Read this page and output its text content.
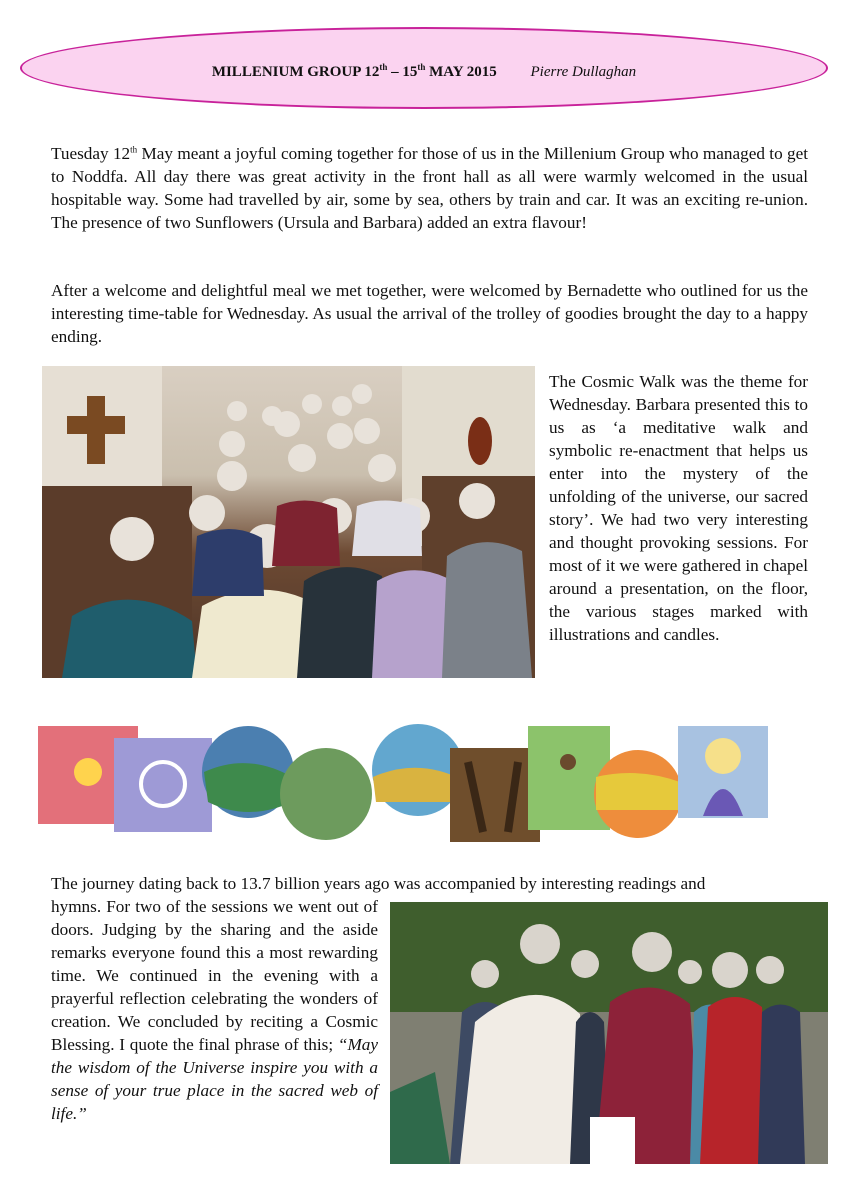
MILLENIUM GROUP 12th – 15th MAY 2015 Pierre Dullaghan

Tuesday 12th May meant a joyful coming together for those of us in the Millenium Group who managed to get to Noddfa. All day there was great activity in the front hall as all were warmly welcomed in the usual hospitable way. Some had travelled by air, some by sea, others by train and car. It was an exciting re-union. The presence of two Sunflowers (Ursula and Barbara) added an extra flavour!

After a welcome and delightful meal we met together, were welcomed by Bernadette who outlined for us the interesting time-table for Wednesday. As usual the arrival of the trolley of goodies brought the day to a happy ending.

The Cosmic Walk was the theme for Wednesday. Barbara presented this to us as ‘a meditative walk and symbolic re-enactment that helps us enter into the mystery of the unfolding of the universe, our sacred story’. We had two very interesting and thought provoking sessions. For most of it we were gathered in chapel around a presentation, on the floor, the various stages marked with illustrations and candles.

The journey dating back to 13.7 billion years ago was accompanied by interesting readings and

hymns. For two of the sessions we went out of doors. Judging by the sharing and the aside remarks everyone found this a most rewarding time. We continued in the evening with a prayerful reflection celebrating the wonders of creation. We concluded by reciting a Cosmic Blessing. I quote the final phrase of this; “May the wisdom of the Universe inspire you with a sense of your true place in the sacred web of life.”
